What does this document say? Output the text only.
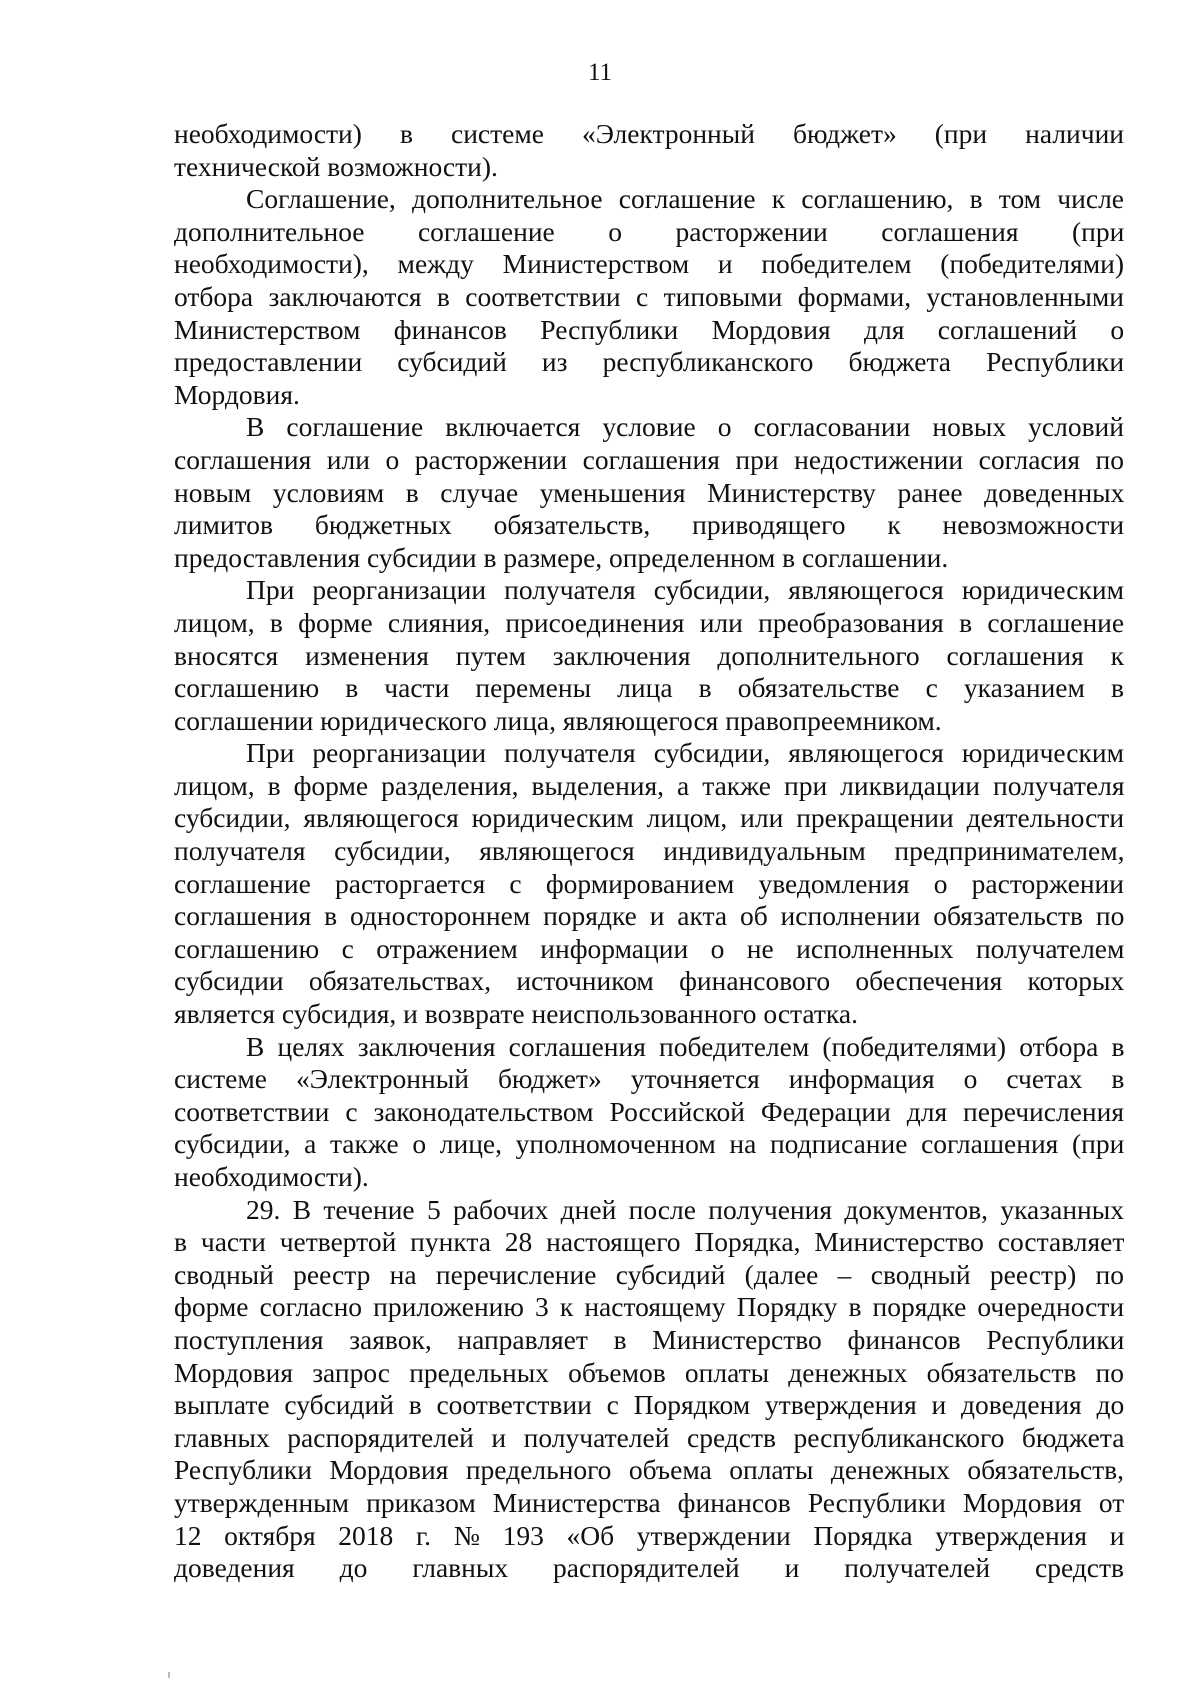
11
необходимости) в системе «Электронный бюджет» (при наличии
технической возможности).
Соглашение, дополнительное соглашение к соглашению, в том числе
дополнительное соглашение о расторжении соглашения (при
необходимости), между Министерством и победителем (победителями)
отбора заключаются в соответствии с типовыми формами, установленными
Министерством финансов Республики Мордовия для соглашений о
предоставлении субсидий из республиканского бюджета Республики
Мордовия.
В соглашение включается условие о согласовании новых условий
соглашения или о расторжении соглашения при недостижении согласия по
новым условиям в случае уменьшения Министерству ранее доведенных
лимитов бюджетных обязательств, приводящего к невозможности
предоставления субсидии в размере, определенном в соглашении.
При реорганизации получателя субсидии, являющегося юридическим
лицом, в форме слияния, присоединения или преобразования в соглашение
вносятся изменения путем заключения дополнительного соглашения к
соглашению в части перемены лица в обязательстве с указанием в
соглашении юридического лица, являющегося правопреемником.
При реорганизации получателя субсидии, являющегося юридическим
лицом, в форме разделения, выделения, а также при ликвидации получателя
субсидии, являющегося юридическим лицом, или прекращении деятельности
получателя субсидии, являющегося индивидуальным предпринимателем,
соглашение расторгается с формированием уведомления о расторжении
соглашения в одностороннем порядке и акта об исполнении обязательств по
соглашению с отражением информации о не исполненных получателем
субсидии обязательствах, источником финансового обеспечения которых
является субсидия, и возврате неиспользованного остатка.
В целях заключения соглашения победителем (победителями) отбора в
системе «Электронный бюджет» уточняется информация о счетах в
соответствии с законодательством Российской Федерации для перечисления
субсидии, а также о лице, уполномоченном на подписание соглашения (при
необходимости).
29. В течение 5 рабочих дней после получения документов, указанных
в части четвертой пункта 28 настоящего Порядка, Министерство составляет
сводный реестр на перечисление субсидий (далее – сводный реестр) по
форме согласно приложению 3 к настоящему Порядку в порядке очередности
поступления заявок, направляет в Министерство финансов Республики
Мордовия запрос предельных объемов оплаты денежных обязательств по
выплате субсидий в соответствии с Порядком утверждения и доведения до
главных распорядителей и получателей средств республиканского бюджета
Республики Мордовия предельного объема оплаты денежных обязательств,
утвержденным приказом Министерства финансов Республики Мордовия от
12 октября 2018 г. № 193 «Об утверждении Порядка утверждения и
доведения до главных распорядителей и получателей средств
